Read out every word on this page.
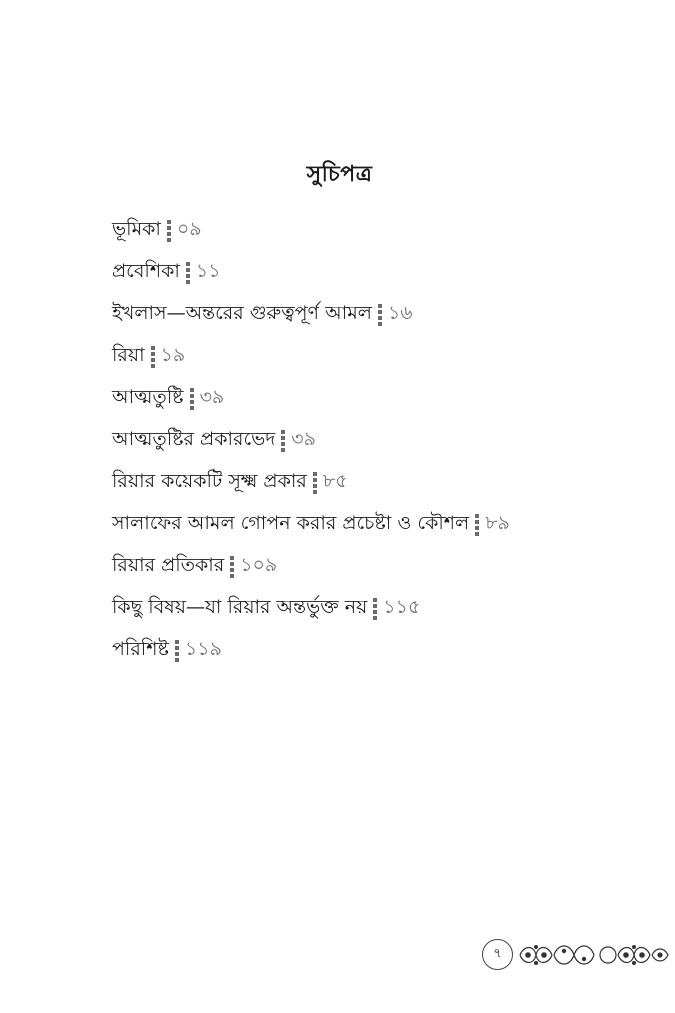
সুচিপত্র
ভূমিকা ০৯
প্রবেশিকা ১১
ইখলাস—অন্তরের গুরুত্বপূর্ণ আমল ১৬
রিয়া ১৯
আত্মতুষ্টি ৩৯
আত্মতুষ্টির প্রকারভেদ ৩৯
রিয়ার কয়েকটি সূক্ষ্ম প্রকার ৮৫
সালাফের আমল গোপন করার প্রচেষ্টা ও কৌশল ৮৯
রিয়ার প্রতিকার ১০৯
কিছু বিষয়—যা রিয়ার অন্তর্ভুক্ত নয় ১১৫
পরিশিষ্ট ১১৯
৭
